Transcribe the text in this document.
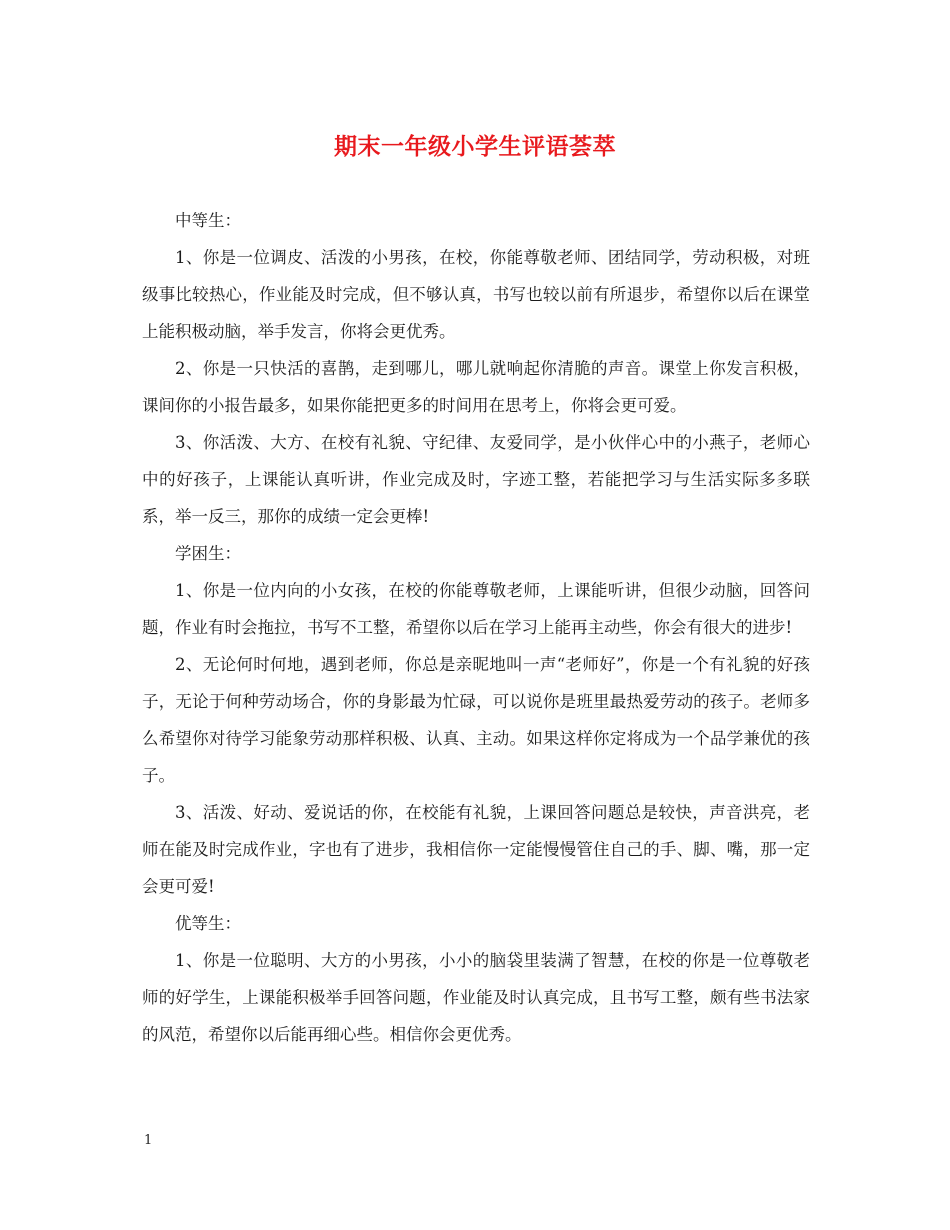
期末一年级小学生评语荟萃

中等生：

1、你是一位调皮、活泼的小男孩，在校，你能尊敬老师、团结同学，劳动积极，对班级事比较热心，作业能及时完成，但不够认真，书写也较以前有所退步，希望你以后在课堂上能积极动脑，举手发言，你将会更优秀。

2、你是一只快活的喜鹊，走到哪儿，哪儿就响起你清脆的声音。课堂上你发言积极，课间你的小报告最多，如果你能把更多的时间用在思考上，你将会更可爱。

3、你活泼、大方、在校有礼貌、守纪律、友爱同学，是小伙伴心中的小燕子，老师心中的好孩子，上课能认真听讲，作业完成及时，字迹工整，若能把学习与生活实际多多联系，举一反三，那你的成绩一定会更棒!

学困生：

1、你是一位内向的小女孩，在校的你能尊敬老师，上课能听讲，但很少动脑，回答问题，作业有时会拖拉，书写不工整，希望你以后在学习上能再主动些，你会有很大的进步!

2、无论何时何地，遇到老师，你总是亲昵地叫一声“老师好”，你是一个有礼貌的好孩子，无论于何种劳动场合，你的身影最为忙碌，可以说你是班里最热爱劳动的孩子。老师多么希望你对待学习能象劳动那样积极、认真、主动。如果这样你定将成为一个品学兼优的孩子。

3、活泼、好动、爱说话的你，在校能有礼貌，上课回答问题总是较快，声音洪亮，老师在能及时完成作业，字也有了进步，我相信你一定能慢慢管住自己的手、脚、嘴，那一定会更可爱!

优等生：

1、你是一位聪明、大方的小男孩，小小的脑袋里装满了智慧，在校的你是一位尊敬老师的好学生，上课能积极举手回答问题，作业能及时认真完成，且书写工整，颇有些书法家的风范，希望你以后能再细心些。相信你会更优秀。

1
